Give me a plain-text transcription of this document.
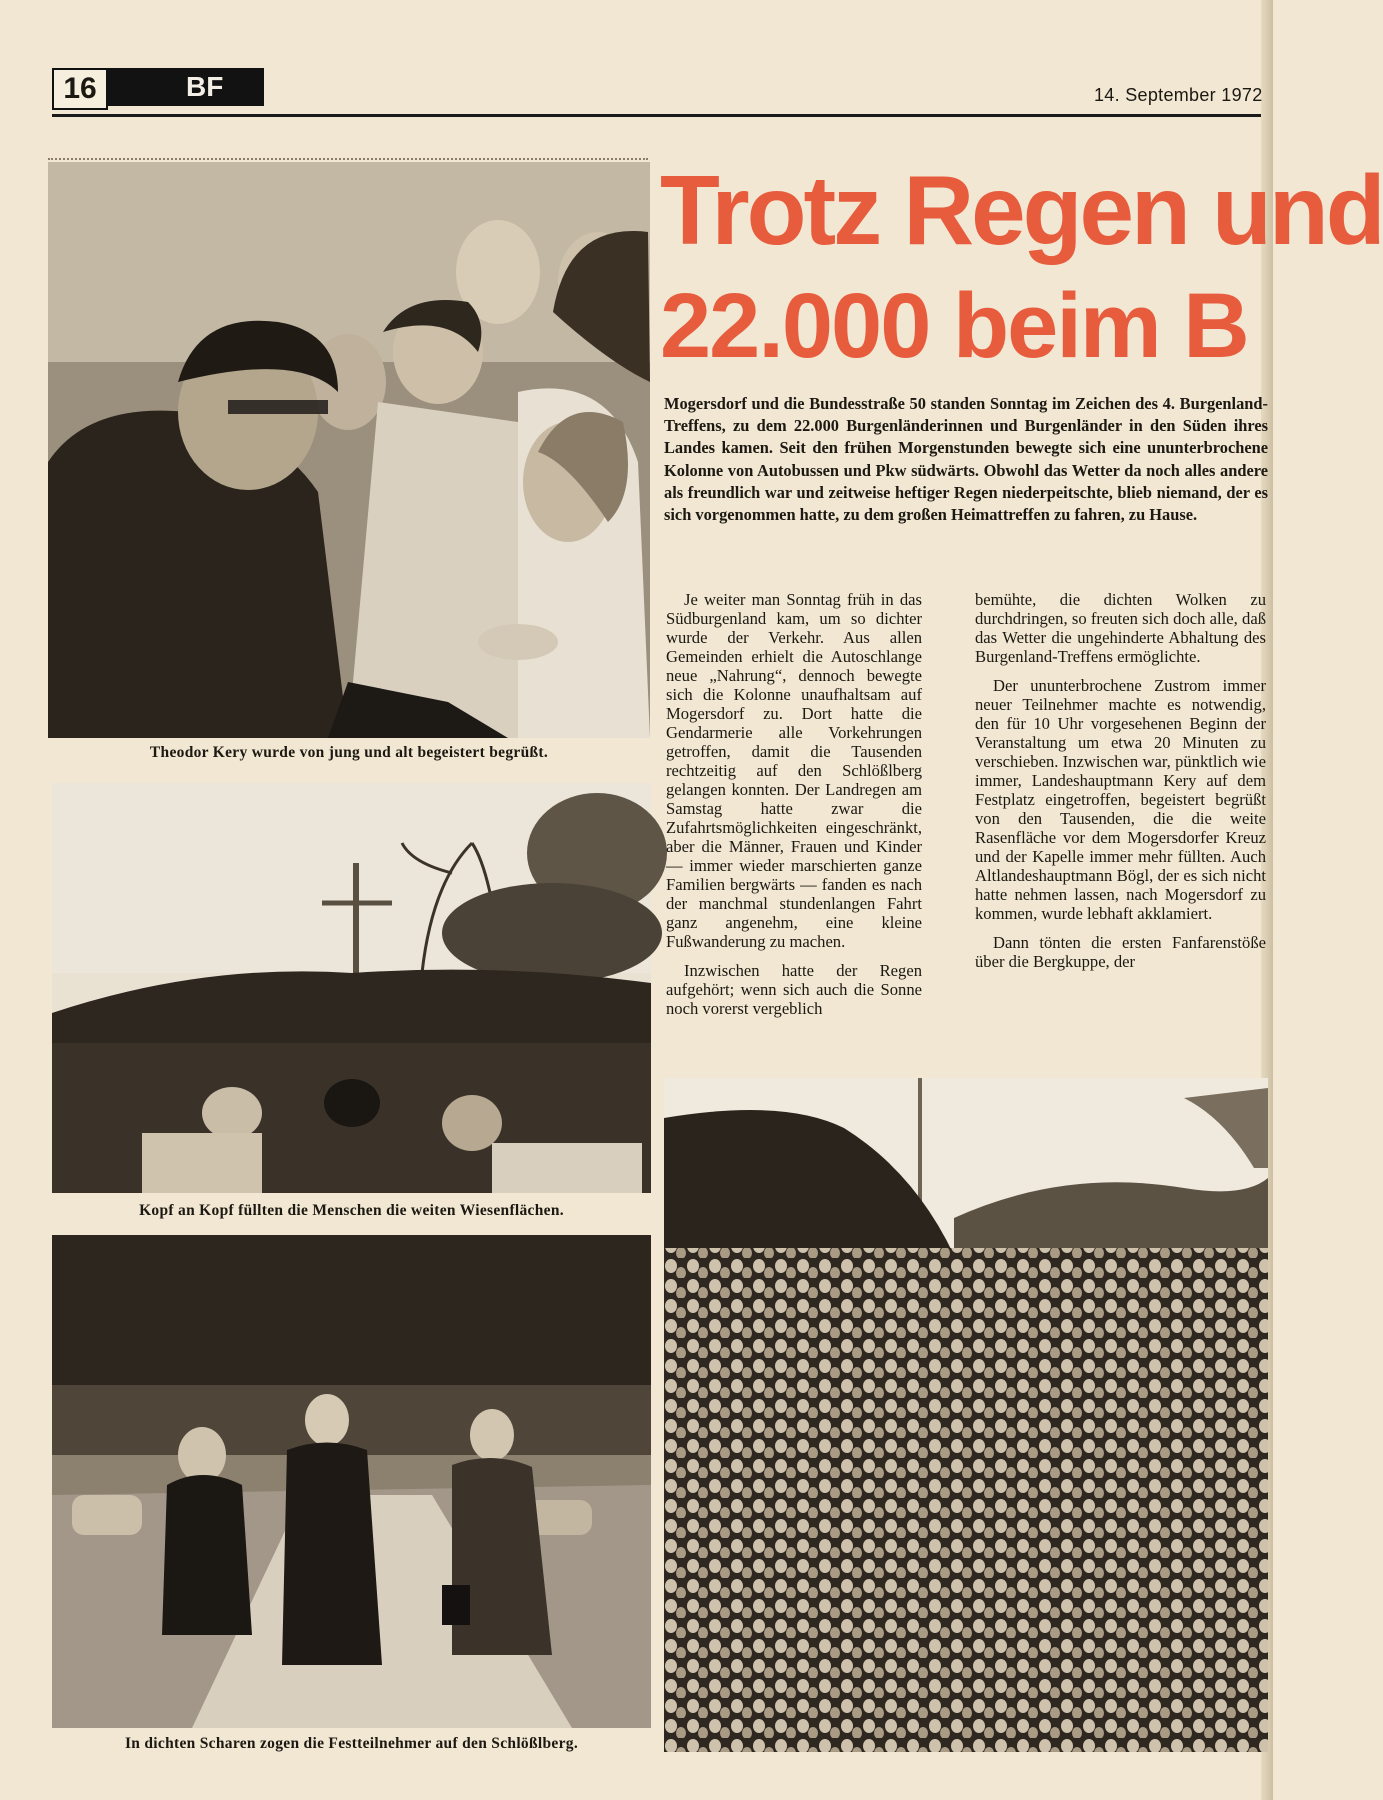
16	BF	14. September 1972
Trotz Regen und
22.000 beim B
Theodor Kery wurde von jung und alt begeistert begrüßt.
Kopf an Kopf füllten die Menschen die weiten Wiesenflächen.
In dichten Scharen zogen die Festteilnehmer auf den Schlößlberg.
Mogersdorf und die Bundesstraße 50 standen Sonntag im Zeichen des 4. Burgenland-Treffens, zu dem 22.000 Burgenländerinnen und Burgenländer in den Süden ihres Landes kamen. Seit den frühen Morgenstunden bewegte sich eine ununterbrochene Kolonne von Autobussen und Pkw südwärts. Obwohl das Wetter da noch alles andere als freundlich war und zeitweise heftiger Regen niederpeitschte, blieb niemand, der es sich vorgenommen hatte, zu dem großen Heimattreffen zu fahren, zu Hause.

Je weiter man Sonntag früh in das Südburgenland kam, um so dichter wurde der Verkehr. Aus allen Gemeinden erhielt die Autoschlange neue „Nahrung“, dennoch bewegte sich die Kolonne unaufhaltsam auf Mogersdorf zu. Dort hatte die Gendarmerie alle Vorkehrungen getroffen, damit die Tausenden rechtzeitig auf den Schlößlberg gelangen konnten. Der Landregen am Samstag hatte zwar die Zufahrtsmöglichkeiten eingeschränkt, aber die Männer, Frauen und Kinder — immer wieder marschierten ganze Familien bergwärts — fanden es nach der manchmal stundenlangen Fahrt ganz angenehm, eine kleine Fußwanderung zu machen.

Inzwischen hatte der Regen aufgehört; wenn sich auch die Sonne noch vorerst vergeblich

bemühte, die dichten Wolken zu durchdringen, so freuten sich doch alle, daß das Wetter die ungehinderte Abhaltung des Burgenland-Treffens ermöglichte.

Der ununterbrochene Zustrom immer neuer Teilnehmer machte es notwendig, den für 10 Uhr vorgesehenen Beginn der Veranstaltung um etwa 20 Minuten zu verschieben. Inzwischen war, pünktlich wie immer, Landeshauptmann Kery auf dem Festplatz eingetroffen, begeistert begrüßt von den Tausenden, die die weite Rasenfläche vor dem Mogersdorfer Kreuz und der Kapelle immer mehr füllten. Auch Altlandeshauptmann Bögl, der es sich nicht hatte nehmen lassen, nach Mogersdorf zu kommen, wurde lebhaft akklamiert.

Dann tönten die ersten Fanfarenstöße über die Bergkuppe, der
